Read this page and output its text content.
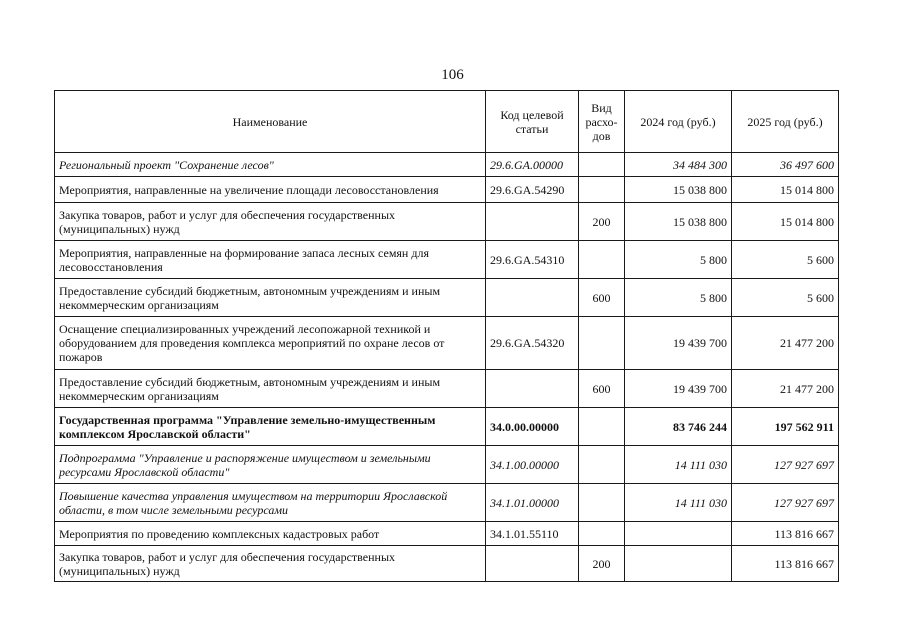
106
Наименование	Код целевой статьи	Вид расхо-дов	2024 год (руб.)	2025 год (руб.)
Региональный проект "Сохранение лесов"	29.6.GA.00000		34 484 300	36 497 600
Мероприятия, направленные на увеличение площади лесовосстановления	29.6.GA.54290		15 038 800	15 014 800
Закупка товаров, работ и услуг для обеспечения государственных (муниципальных) нужд		200	15 038 800	15 014 800
Мероприятия, направленные на формирование запаса лесных семян для лесовосстановления	29.6.GA.54310		5 800	5 600
Предоставление субсидий бюджетным, автономным учреждениям и иным некоммерческим организациям		600	5 800	5 600
Оснащение специализированных учреждений лесопожарной техникой и оборудованием для проведения комплекса мероприятий по охране лесов от пожаров	29.6.GA.54320		19 439 700	21 477 200
Предоставление субсидий бюджетным, автономным учреждениям и иным некоммерческим организациям		600	19 439 700	21 477 200
Государственная программа "Управление земельно-имущественным комплексом Ярославской области"	34.0.00.00000		83 746 244	197 562 911
Подпрограмма "Управление и распоряжение имуществом и земельными ресурсами Ярославской области"	34.1.00.00000		14 111 030	127 927 697
Повышение качества управления имуществом на территории Ярославской области, в том числе земельными ресурсами	34.1.01.00000		14 111 030	127 927 697
Мероприятия по проведению комплексных кадастровых работ	34.1.01.55110			113 816 667
Закупка товаров, работ и услуг для обеспечения государственных (муниципальных) нужд		200		113 816 667
